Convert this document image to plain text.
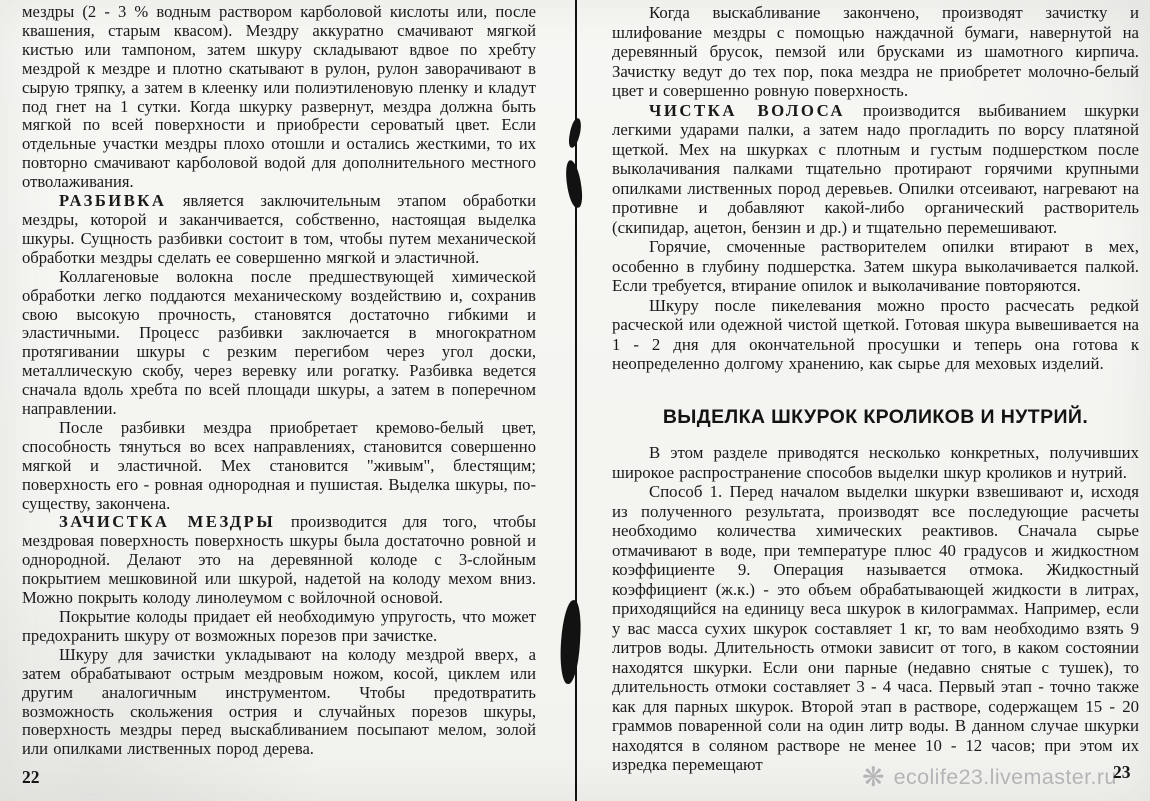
мездры (2 - 3 % водным раствором карболовой кислоты или, после квашения, старым квасом). Мездру аккуратно смачивают мягкой кистью или тампоном, затем шкуру складывают вдвое по хребту мездрой к мездре и плотно скатывают в рулон, рулон заворачивают в сырую тряпку, а затем в клеенку или полиэтиленовую пленку и кладут под гнет на 1 сутки. Когда шкурку развернут, мездра должна быть мягкой по всей поверхности и приобрести сероватый цвет. Если отдельные участки мездры плохо отошли и остались жесткими, то их повторно смачивают карболовой водой для дополнительного местного отволаживания.

РАЗБИВКА является заключительным этапом обработки мездры, которой и заканчивается, собственно, настоящая выделка шкуры. Сущность разбивки состоит в том, чтобы путем механической обработки мездры сделать ее совершенно мягкой и эластичной.

Коллагеновые волокна после предшествующей химической обработки легко поддаются механическому воздействию и, сохранив свою высокую прочность, становятся достаточно гибкими и эластичными. Процесс разбивки заключается в многократном протягивании шкуры с резким перегибом через угол доски, металлическую скобу, через веревку или рогатку. Разбивка ведется сначала вдоль хребта по всей площади шкуры, а затем в поперечном направлении.

После разбивки мездра приобретает кремово-белый цвет, способность тянуться во всех направлениях, становится совершенно мягкой и эластичной. Мех становится "живым", блестящим; поверхность его - ровная однородная и пушистая. Выделка шкуры, по-существу, закончена.

ЗАЧИСТКА МЕЗДРЫ производится для того, чтобы мездровая поверхность поверхность шкуры была достаточно ровной и однородной. Делают это на деревянной колоде с 3-слойным покрытием мешковиной или шкурой, надетой на колоду мехом вниз. Можно покрыть колоду линолеумом с войлочной основой.

Покрытие колоды придает ей необходимую упругость, что может предохранить шкуру от возможных порезов при зачистке.

Шкуру для зачистки укладывают на колоду мездрой вверх, а затем обрабатывают острым мездровым ножом, косой, циклем или другим аналогичным инструментом. Чтобы предотвратить возможность скольжения острия и случайных порезов шкуры, поверхность мездры перед выскабливанием посыпают мелом, золой или опилками лиственных пород дерева.

Когда выскабливание закончено, производят зачистку и шлифование мездры с помощью наждачной бумаги, навернутой на деревянный брусок, пемзой или брусками из шамотного кирпича. Зачистку ведут до тех пор, пока мездра не приобретет молочно-белый цвет и совершенно ровную поверхность.

ЧИСТКА ВОЛОСА производится выбиванием шкурки легкими ударами палки, а затем надо прогладить по ворсу платяной щеткой. Мех на шкурках с плотным и густым подшерстком после выколачивания палками тщательно протирают горячими крупными опилками лиственных пород деревьев. Опилки отсеивают, нагревают на противне и добавляют какой-либо органический растворитель (скипидар, ацетон, бензин и др.) и тщательно перемешивают.

Горячие, смоченные растворителем опилки втирают в мех, особенно в глубину подшерстка. Затем шкура выколачивается палкой. Если требуется, втирание опилок и выколачивание повторяются.

Шкуру после пикелевания можно просто расчесать редкой расческой или одежной чистой щеткой. Готовая шкура вывешивается на 1 - 2 дня для окончательной просушки и теперь она готова к неопределенно долгому хранению, как сырье для меховых изделий.

ВЫДЕЛКА ШКУРОК КРОЛИКОВ И НУТРИЙ.

В этом разделе приводятся несколько конкретных, получивших широкое распространение способов выделки шкур кроликов и нутрий.

Способ 1. Перед началом выделки шкурки взвешивают и, исходя из полученного результата, производят все последующие расчеты необходимо количества химических реактивов. Сначала сырье отмачивают в воде, при температуре плюс 40 градусов и жидкостном коэффициенте 9. Операция называется отмока. Жидкостный коэффициент (ж.к.) - это объем обрабатывающей жидкости в литрах, приходящийся на единицу веса шкурок в килограммах. Например, если у вас масса сухих шкурок составляет 1 кг, то вам необходимо взять 9 литров воды. Длительность отмоки зависит от того, в каком состоянии находятся шкурки. Если они парные (недавно снятые с тушек), то длительность отмоки составляет 3 - 4 часа. Первый этап - точно также как для парных шкурок. Второй этап в растворе, содержащем 15 - 20 граммов поваренной соли на один литр воды. В данном случае шкурки находятся в соляном растворе не менее 10 - 12 часов; при этом их изредка перемещают

22	23
❋ ecolife23.livemaster.ru
